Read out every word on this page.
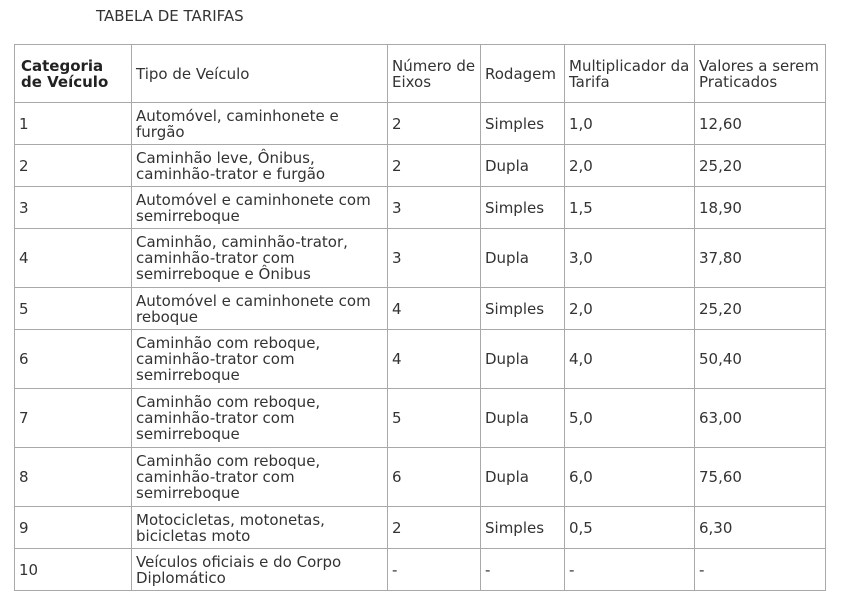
TABELA DE TARIFAS
Categoria de Veículo	Tipo de Veículo	Número de Eixos	Rodagem	Multiplicador da Tarifa	Valores a serem Praticados
1	Automóvel, caminhonete e furgão	2	Simples	1,0	12,60
2	Caminhão leve, Ônibus, caminhão-trator e furgão	2	Dupla	2,0	25,20
3	Automóvel e caminhonete com semirreboque	3	Simples	1,5	18,90
4	Caminhão, caminhão-trator, caminhão-trator com semirreboque e Ônibus	3	Dupla	3,0	37,80
5	Automóvel e caminhonete com reboque	4	Simples	2,0	25,20
6	Caminhão com reboque, caminhão-trator com semirreboque	4	Dupla	4,0	50,40
7	Caminhão com reboque, caminhão-trator com semirreboque	5	Dupla	5,0	63,00
8	Caminhão com reboque, caminhão-trator com semirreboque	6	Dupla	6,0	75,60
9	Motocicletas, motonetas, bicicletas moto	2	Simples	0,5	6,30
10	Veículos oficiais e do Corpo Diplomático	-	-	-	-
